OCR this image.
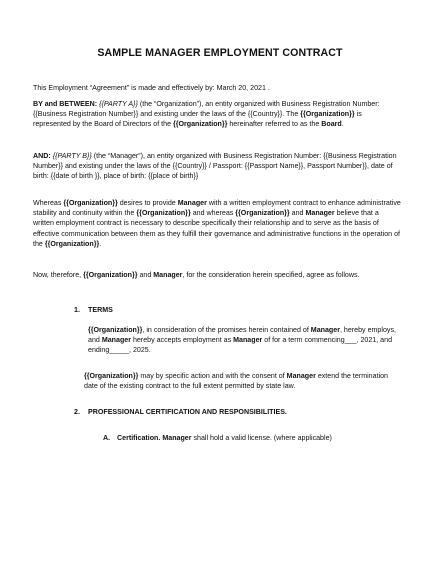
SAMPLE MANAGER EMPLOYMENT CONTRACT
This Employment “Agreement” is made and effectively by: March 20, 2021 .
BY and BETWEEN: {{PARTY A}} (the “Organization”), an entity organized with Business Registration Number: {{Business Registration Number}} and existing under the laws of the {{Country}}. The {{Organization}} is represented by the Board of Directors of the {{Organization}} hereinafter referred to as the Board.
AND: {{PARTY B}} (the “Manager”), an entity organized with Business Registration Number: {{Business Registration Number}} and existing under the laws of the {{Country}} / Passport: {{Passport Name}}, Passport Number}}, date of birth: {{date of birth }}, place of birth: {{place of birth}}
Whereas {{Organization}} desires to provide Manager with a written employment contract to enhance administrative stability and continuity within the {{Organization}} and whereas {{Organization}} and Manager believe that a written employment contract is necessary to describe specifically their relationship and to serve as the basis of effective communication between them as they fulfill their governance and administrative functions in the operation of the {{Organization}}.
Now, therefore, {{Organization}} and Manager, for the consideration herein specified, agree as follows.
1. TERMS
{{Organization}}, in consideration of the promises herein contained of Manager, hereby employs, and Manager hereby accepts employment as Manager of for a term commencing___, 2021, and ending_____, 2025.
{{Organization}} may by specific action and with the consent of Manager extend the termination date of the existing contract to the full extent permitted by state law.
2. PROFESSIONAL CERTIFICATION AND RESPONSIBILITIES.
A. Certification. Manager shall hold a valid license. (where applicable)
